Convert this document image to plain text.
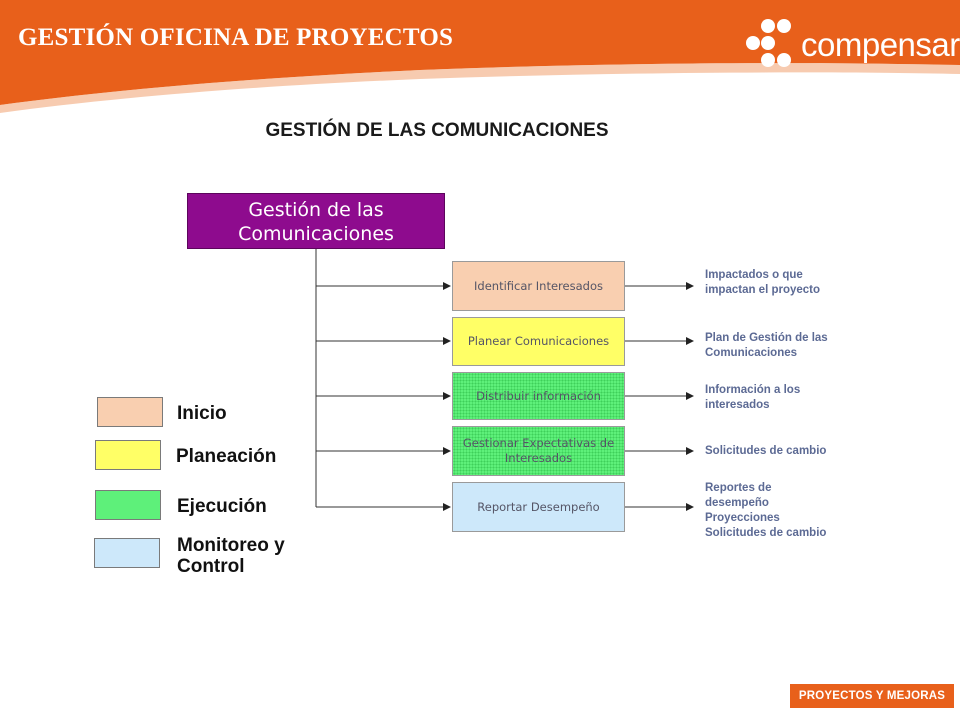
GESTIÓN OFICINA DE PROYECTOS	compensar
GESTIÓN DE LAS COMUNICACIONES
Gestión de las
Comunicaciones
Identificar Interesados
Planear Comunicaciones
Distribuir información
Gestionar Expectativas de Interesados
Reportar Desempeño

Impactados o que
impactan el proyecto

Plan de Gestión de las
Comunicaciones

Información a los
interesados

Solicitudes de cambio

Reportes de
desempeño
Proyecciones
Solicitudes de cambio

Inicio

Planeación

Ejecución

Monitoreo y
Control

PROYECTOS Y MEJORAS
